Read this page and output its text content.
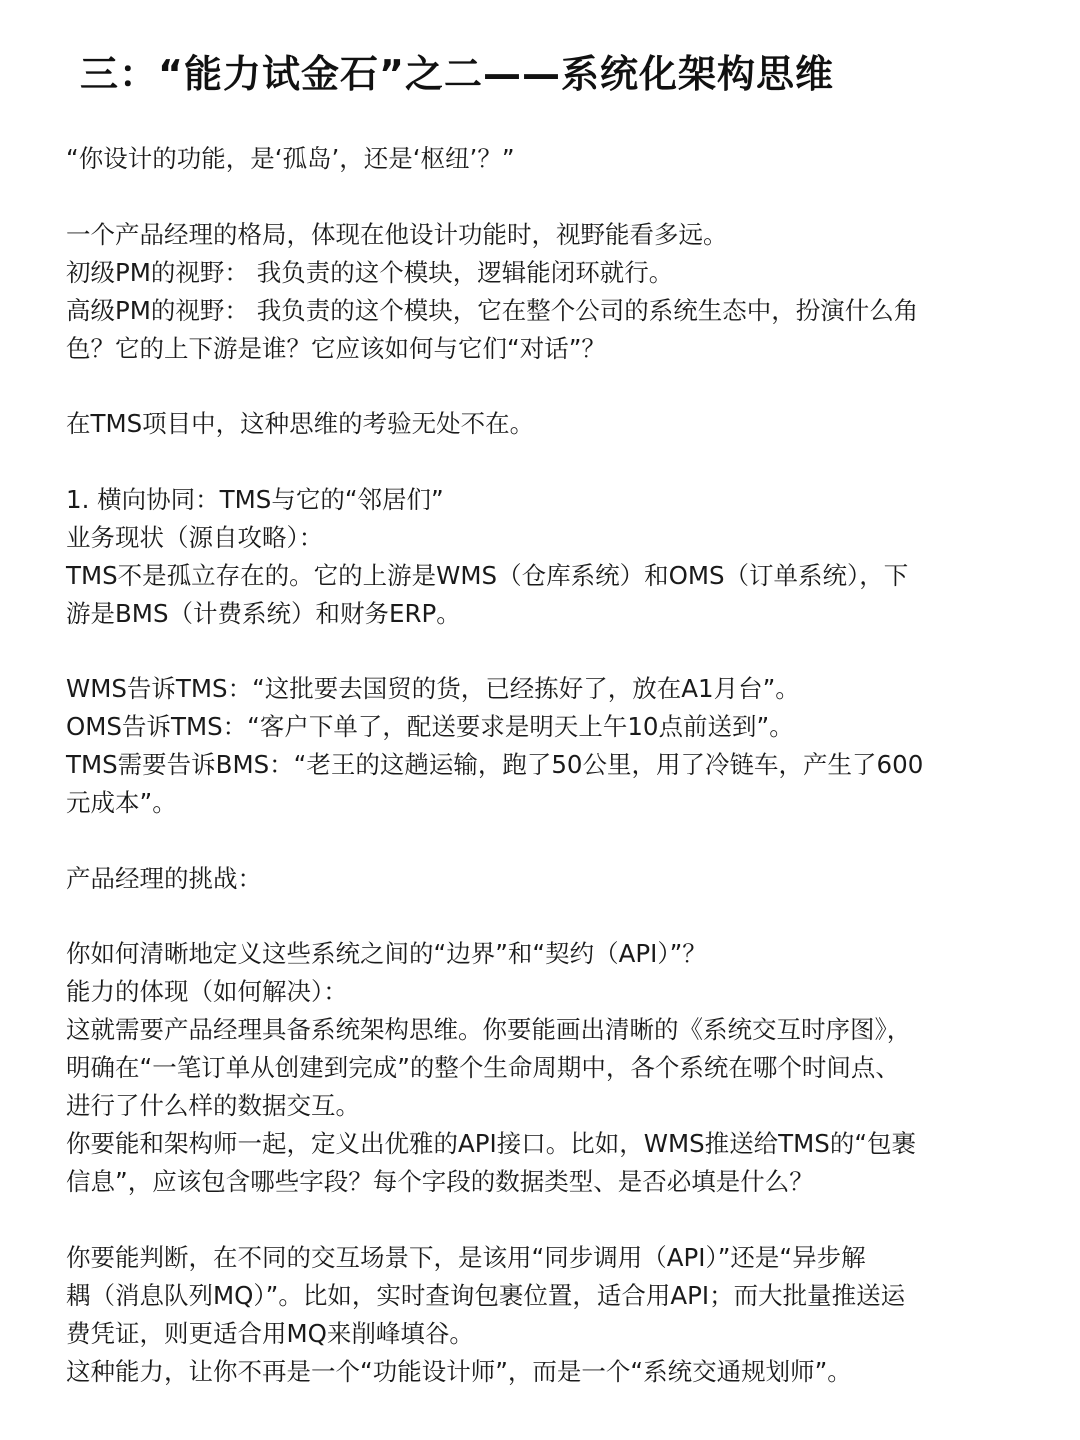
三：“能力试金石”之二——系统化架构思维
“你设计的功能，是‘孤岛’，还是‘枢纽’？”
一个产品经理的格局，体现在他设计功能时，视野能看多远。
初级PM的视野： 我负责的这个模块，逻辑能闭环就行。
高级PM的视野： 我负责的这个模块，它在整个公司的系统生态中，扮演什么角
色？它的上下游是谁？它应该如何与它们“对话”？
在TMS项目中，这种思维的考验无处不在。
1. 横向协同：TMS与它的“邻居们”
业务现状（源自攻略）：
TMS不是孤立存在的。它的上游是WMS（仓库系统）和OMS（订单系统），下
游是BMS（计费系统）和财务ERP。
WMS告诉TMS：“这批要去国贸的货，已经拣好了，放在A1月台”。
OMS告诉TMS：“客户下单了，配送要求是明天上午10点前送到”。
TMS需要告诉BMS：“老王的这趟运输，跑了50公里，用了冷链车，产生了600
元成本”。
产品经理的挑战：
你如何清晰地定义这些系统之间的“边界”和“契约（API）”？
能力的体现（如何解决）：
这就需要产品经理具备系统架构思维。你要能画出清晰的《系统交互时序图》，
明确在“一笔订单从创建到完成”的整个生命周期中，各个系统在哪个时间点、
进行了什么样的数据交互。
你要能和架构师一起，定义出优雅的API接口。比如，WMS推送给TMS的“包裹
信息”，应该包含哪些字段？每个字段的数据类型、是否必填是什么？
你要能判断，在不同的交互场景下，是该用“同步调用（API）”还是“异步解
耦（消息队列MQ）”。比如，实时查询包裹位置，适合用API；而大批量推送运
费凭证，则更适合用MQ来削峰填谷。
这种能力，让你不再是一个“功能设计师”，而是一个“系统交通规划师”。
